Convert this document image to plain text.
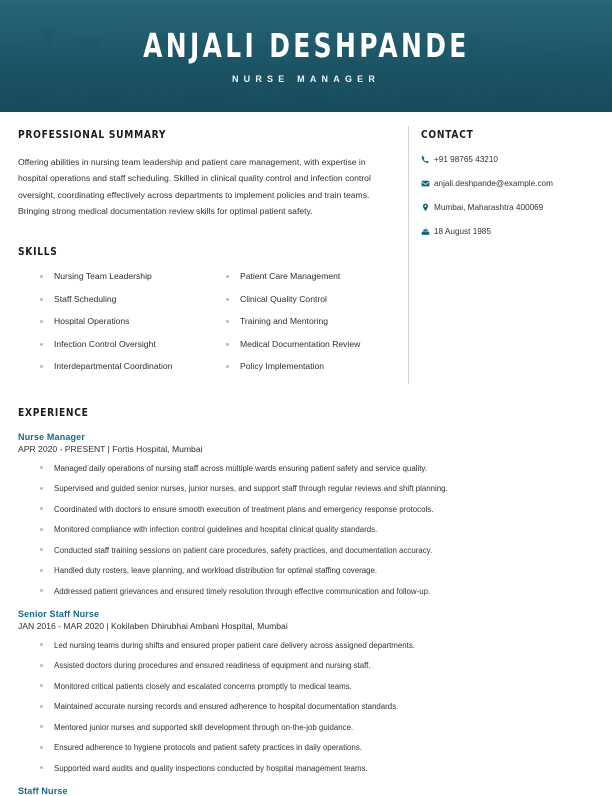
ANJALI DESHPANDE
NURSE MANAGER
PROFESSIONAL SUMMARY

Offering abilities in nursing team leadership and patient care management, with expertise in hospital operations and staff scheduling. Skilled in clinical quality control and infection control oversight, coordinating effectively across departments to implement policies and train teams. Bringing strong medical documentation review skills for optimal patient safety.

SKILLS
Nursing Team Leadership
Staff Scheduling
Hospital Operations
Infection Control Oversight
Interdepartmental Coordination
Patient Care Management
Clinical Quality Control
Training and Mentoring
Medical Documentation Review
Policy Implementation
CONTACT
+91 98765 43210
anjali.deshpande@example.com
Mumbai, Maharashtra 400069
18 August 1985
EXPERIENCE
Nurse Manager
APR 2020 - PRESENT | Fortis Hospital, Mumbai
Managed daily operations of nursing staff across multiple wards ensuring patient safety and service quality.
Supervised and guided senior nurses, junior nurses, and support staff through regular reviews and shift planning.
Coordinated with doctors to ensure smooth execution of treatment plans and emergency response protocols.
Monitored compliance with infection control guidelines and hospital clinical quality standards.
Conducted staff training sessions on patient care procedures, safety practices, and documentation accuracy.
Handled duty rosters, leave planning, and workload distribution for optimal staffing coverage.
Addressed patient grievances and ensured timely resolution through effective communication and follow-up.
Senior Staff Nurse
JAN 2016 - MAR 2020 | Kokilaben Dhirubhai Ambani Hospital, Mumbai
Led nursing teams during shifts and ensured proper patient care delivery across assigned departments.
Assisted doctors during procedures and ensured readiness of equipment and nursing staff.
Monitored critical patients closely and escalated concerns promptly to medical teams.
Maintained accurate nursing records and ensured adherence to hospital documentation standards.
Mentored junior nurses and supported skill development through on-the-job guidance.
Ensured adherence to hygiene protocols and patient safety practices in daily operations.
Supported ward audits and quality inspections conducted by hospital management teams.
Staff Nurse
